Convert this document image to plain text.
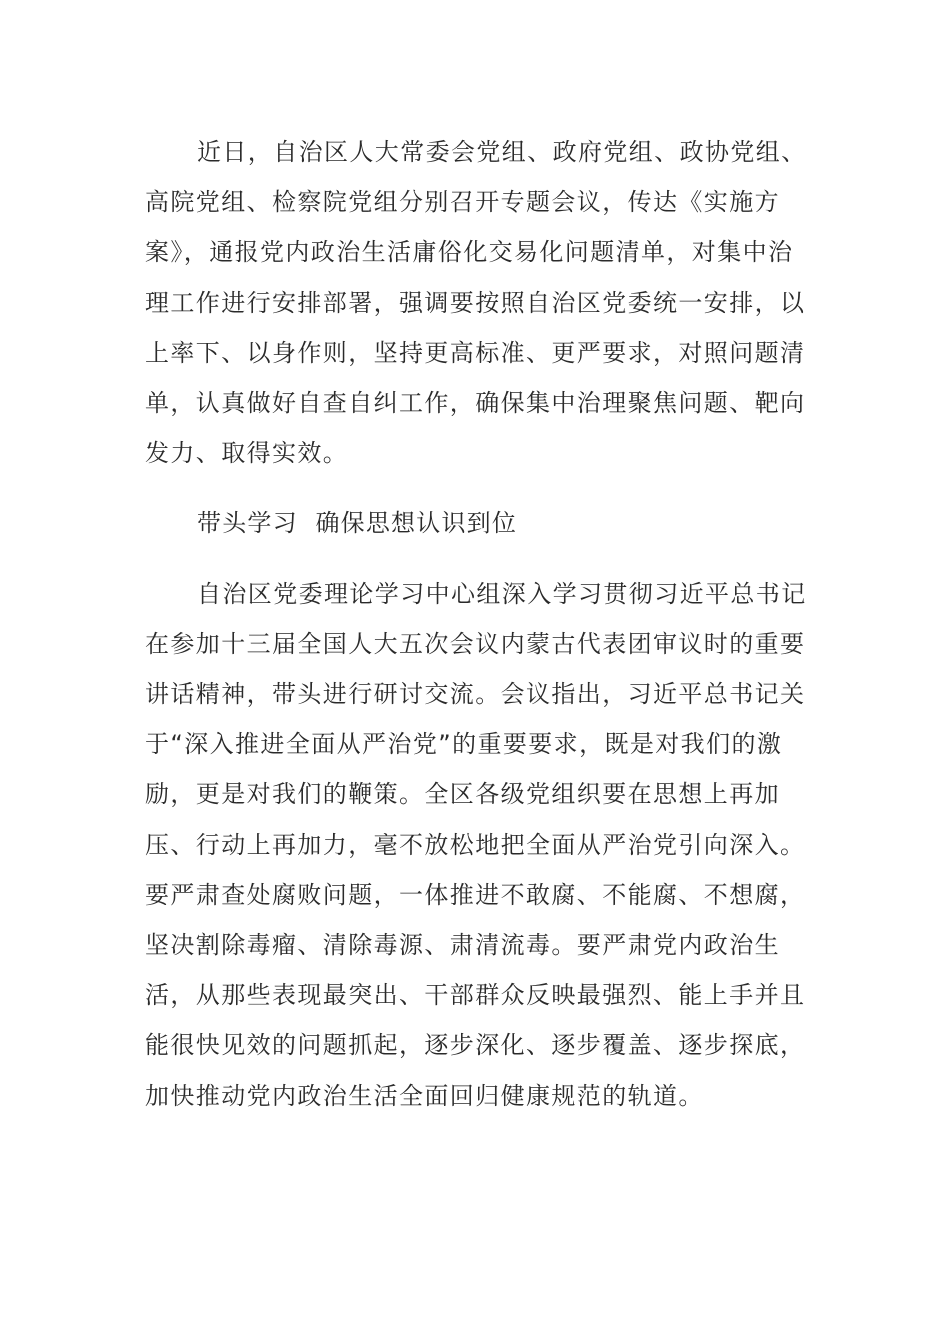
近日，自治区人大常委会党组、政府党组、政协党组、高院党组、检察院党组分别召开专题会议，传达《实施方案》，通报党内政治生活庸俗化交易化问题清单，对集中治理工作进行安排部署，强调要按照自治区党委统一安排，以上率下、以身作则，坚持更高标准、更严要求，对照问题清单，认真做好自查自纠工作，确保集中治理聚焦问题、靶向发力、取得实效。

带头学习  确保思想认识到位

自治区党委理论学习中心组深入学习贯彻习近平总书记在参加十三届全国人大五次会议内蒙古代表团审议时的重要讲话精神，带头进行研讨交流。会议指出，习近平总书记关于“深入推进全面从严治党”的重要要求，既是对我们的激励，更是对我们的鞭策。全区各级党组织要在思想上再加压、行动上再加力，毫不放松地把全面从严治党引向深入。要严肃查处腐败问题，一体推进不敢腐、不能腐、不想腐，坚决割除毒瘤、清除毒源、肃清流毒。要严肃党内政治生活，从那些表现最突出、干部群众反映最强烈、能上手并且能很快见效的问题抓起，逐步深化、逐步覆盖、逐步探底，加快推动党内政治生活全面回归健康规范的轨道。
